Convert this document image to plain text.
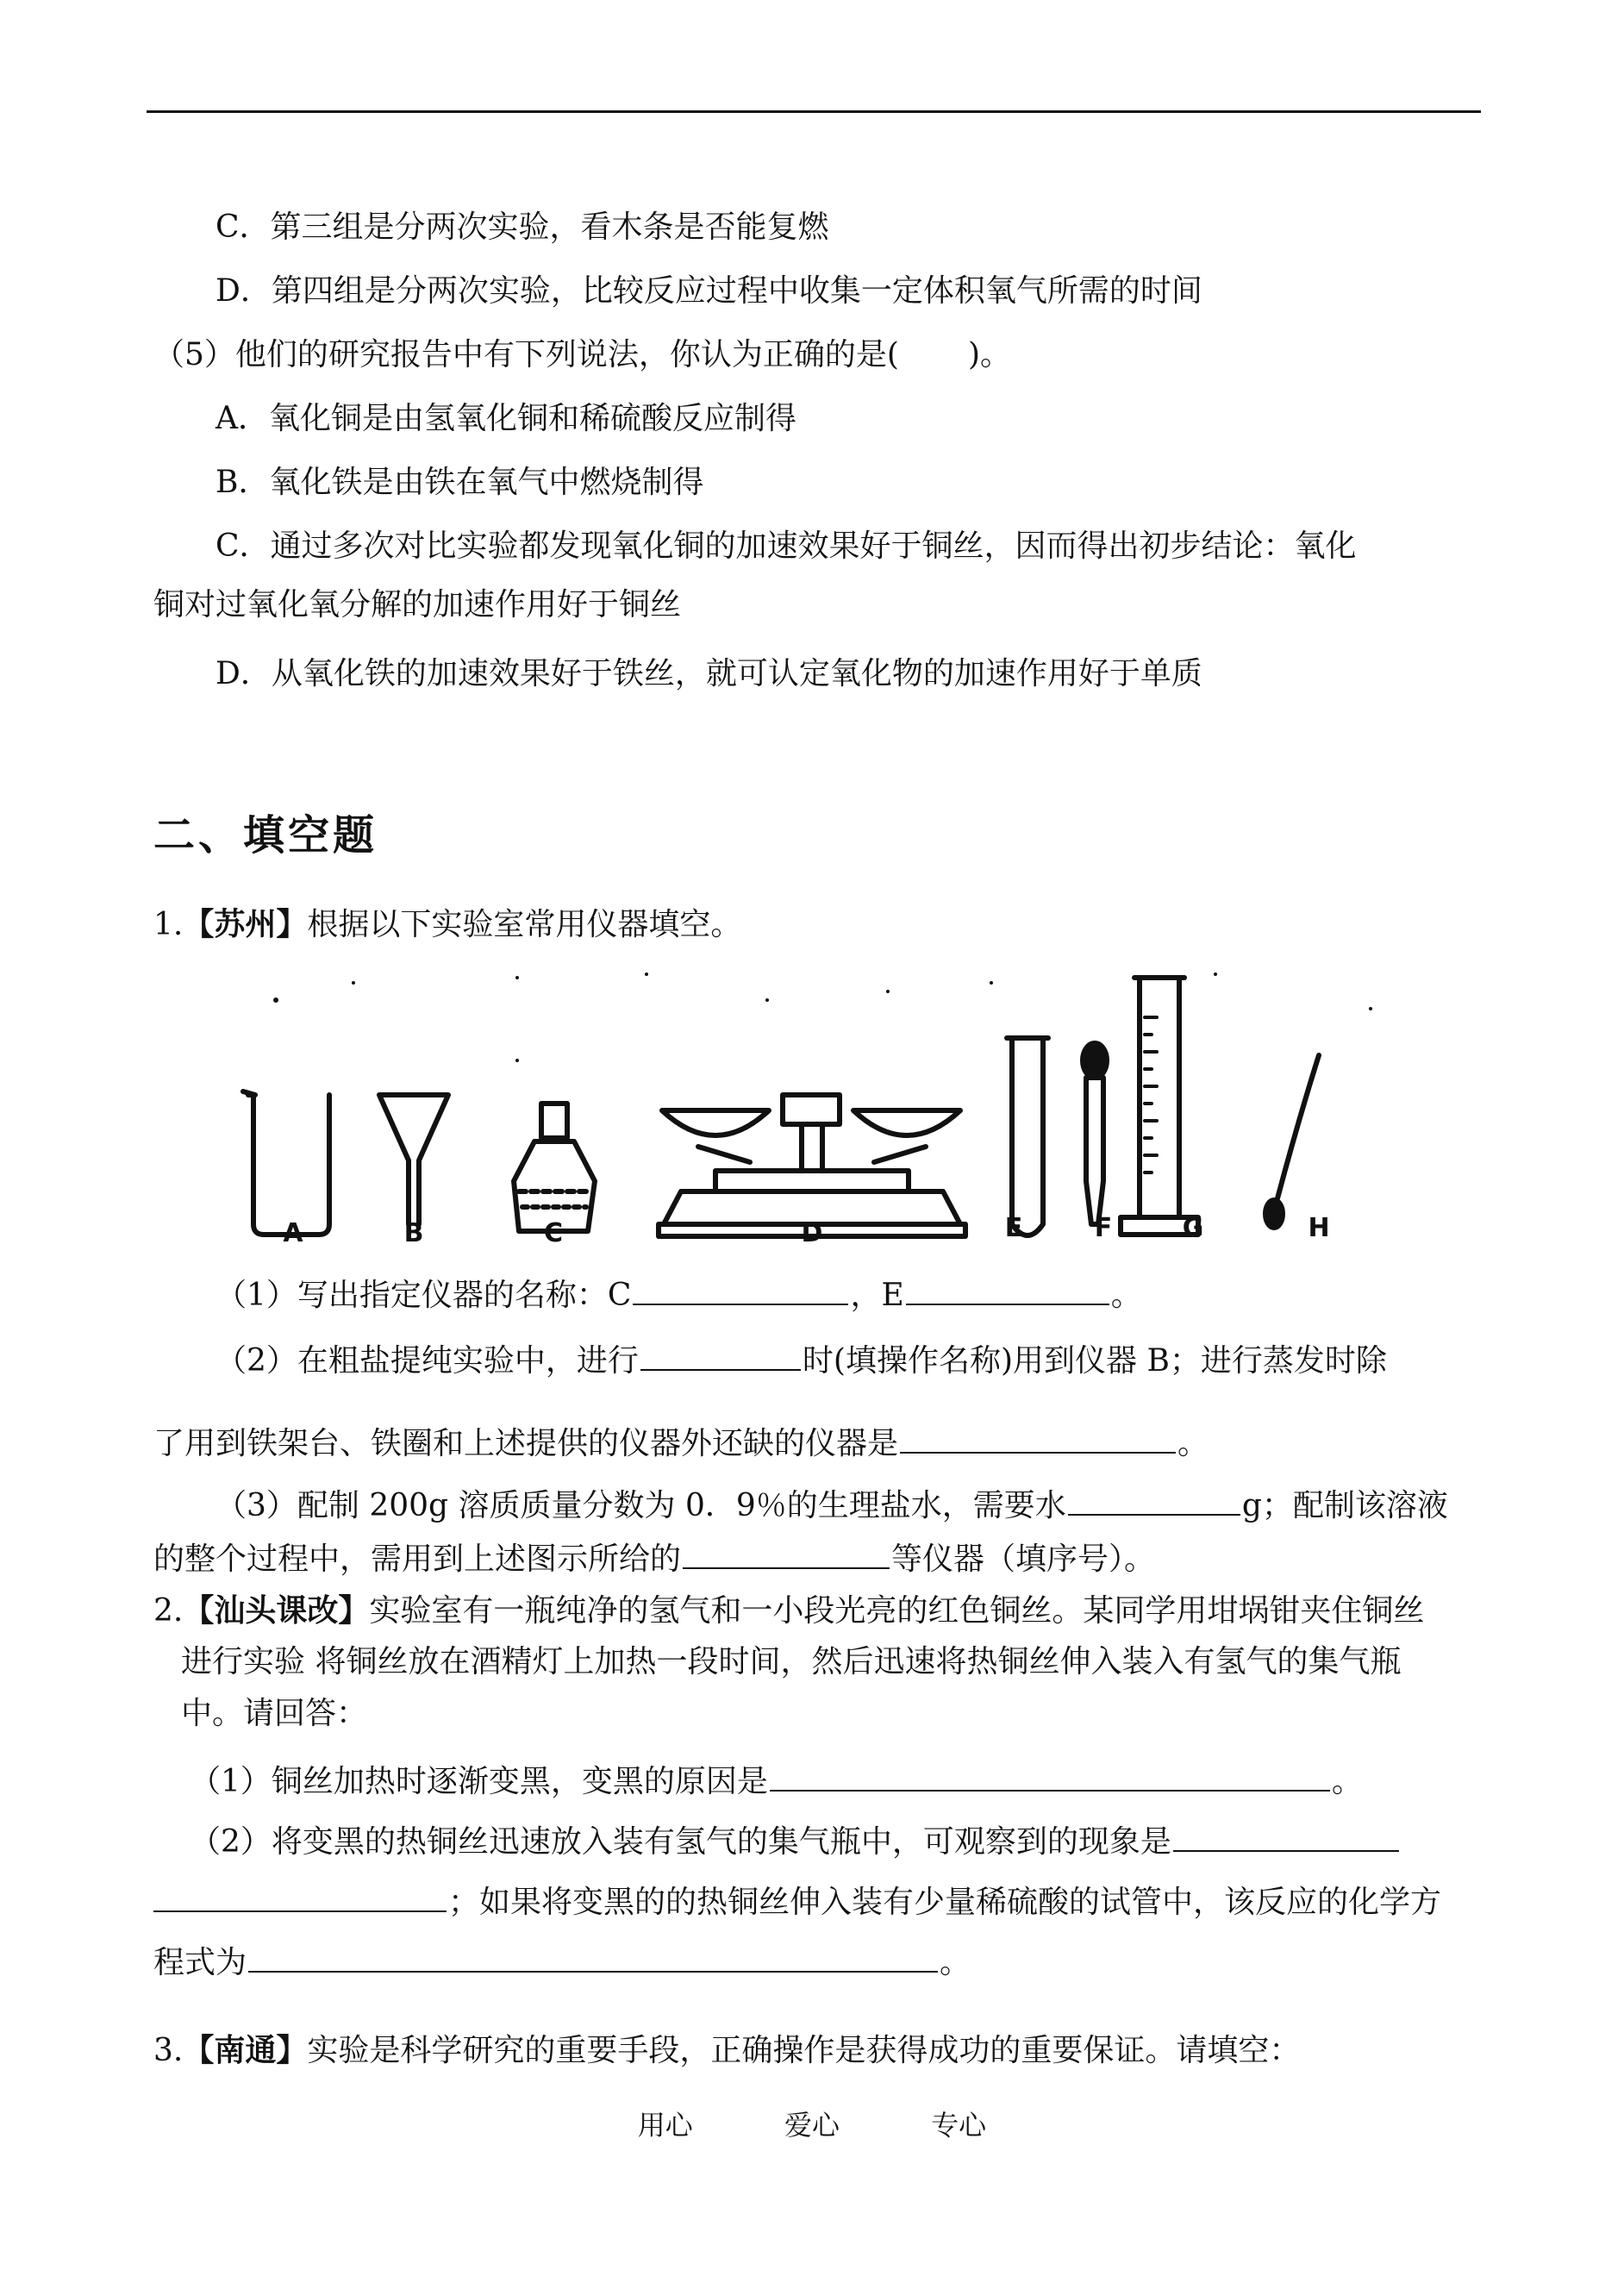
C．第三组是分两次实验，看木条是否能复燃
D．第四组是分两次实验，比较反应过程中收集一定体积氧气所需的时间
（5）他们的研究报告中有下列说法，你认为正确的是( )。
A．氧化铜是由氢氧化铜和稀硫酸反应制得
B．氧化铁是由铁在氧气中燃烧制得
C．通过多次对比实验都发现氧化铜的加速效果好于铜丝，因而得出初步结论：氧化
铜对过氧化氧分解的加速作用好于铜丝
D．从氧化铁的加速效果好于铁丝，就可认定氧化物的加速作用好于单质
二、填空题
1.【苏州】根据以下实验室常用仪器填空。
A	B	C	D	E	F	G	H
（1）写出指定仪器的名称：C	，E	。
（2）在粗盐提纯实验中，进行	时(填操作名称)用到仪器 B；进行蒸发时除
了用到铁架台、铁圈和上述提供的仪器外还缺的仪器是	。
（3）配制 200g 溶质质量分数为 0．9％的生理盐水，需要水	g；配制该溶液
的整个过程中，需用到上述图示所给的	等仪器（填序号）。
2.【汕头课改】实验室有一瓶纯净的氢气和一小段光亮的红色铜丝。某同学用坩埚钳夹住铜丝
进行实验 将铜丝放在酒精灯上加热一段时间，然后迅速将热铜丝伸入装入有氢气的集气瓶
中。请回答：
（1）铜丝加热时逐渐变黑，变黑的原因是	。
（2）将变黑的热铜丝迅速放入装有氢气的集气瓶中，可观察到的现象是
；如果将变黑的的热铜丝伸入装有少量稀硫酸的试管中，该反应的化学方
程式为	。
3.【南通】实验是科学研究的重要手段，正确操作是获得成功的重要保证。请填空：
用心	爱心	专心
